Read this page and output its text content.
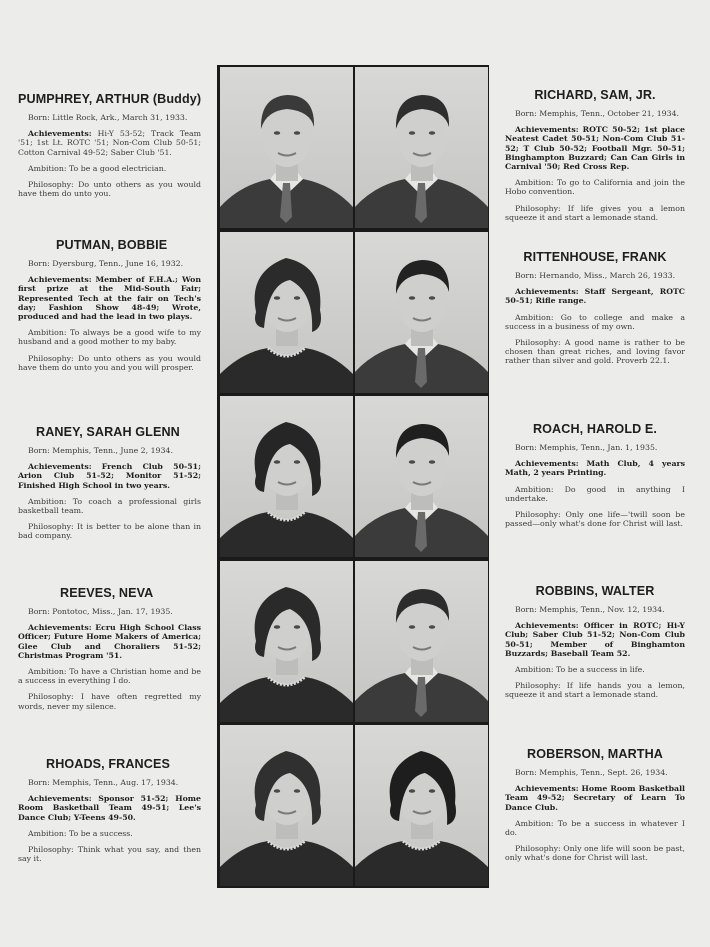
PUMPHREY, ARTHUR (Buddy)

Born: Little Rock, Ark., March 31, 1933.

Achievements: Hi-Y 53-52; Track Team '51; 1st Lt. ROTC '51; Non-Com Club 50-51; Cotton Carnival 49-52; Saber Club '51.

Ambition: To be a good electrician.

Philosophy: Do unto others as you would have them do unto you.

PUTMAN, BOBBIE

Born: Dyersburg, Tenn., June 16, 1932.

Achievements: Member of F.H.A.; Won first prize at the Mid-South Fair; Represented Tech at the fair on Tech's day; Fashion Show 48-49; Wrote, produced and had the lead in two plays.

Ambition: To always be a good wife to my husband and a good mother to my baby.

Philosophy: Do unto others as you would have them do unto you and you will prosper.

RANEY, SARAH GLENN

Born: Memphis, Tenn., June 2, 1934.

Achievements: French Club 50-51; Arion Club 51-52; Monitor 51-52; Finished High School in two years.

Ambition: To coach a professional girls basketball team.

Philosophy: It is better to be alone than in bad company.

REEVES, NEVA

Born: Pontotoc, Miss., Jan. 17, 1935.

Achievements: Ecru High School Class Officer; Future Home Makers of America; Glee Club and Choraliers 51-52; Christmas Program '51.

Ambition: To have a Christian home and be a success in everything I do.

Philosophy: I have often regretted my words, never my silence.

RHOADS, FRANCES

Born: Memphis, Tenn., Aug. 17, 1934.

Achievements: Sponsor 51-52; Home Room Basketball Team 49-51; Lee's Dance Club; Y-Teens 49-50.

Ambition: To be a success.

Philosophy: Think what you say, and then say it.

RICHARD, SAM, JR.

Born: Memphis, Tenn., October 21, 1934.

Achievements: ROTC 50-52; 1st place Neatest Cadet 50-51; Non-Com Club 51-52; T Club 50-52; Football Mgr. 50-51; Binghampton Buzzard; Can Can Girls in Carnival '50; Red Cross Rep.

Ambition: To go to California and join the Hobo convention.

Philosophy: If life gives you a lemon squeeze it and start a lemonade stand.

RITTENHOUSE, FRANK

Born: Hernando, Miss., March 26, 1933.

Achievements: Staff Sergeant, ROTC 50-51; Rifle range.

Ambition: Go to college and make a success in a business of my own.

Philosophy: A good name is rather to be chosen than great riches, and loving favor rather than silver and gold. Proverb 22.1.

ROACH, HAROLD E.

Born: Memphis, Tenn., Jan. 1, 1935.

Achievements: Math Club, 4 years Math, 2 years Printing.

Ambition: Do good in anything I undertake.

Philosophy: Only one life—'twill soon be passed—only what's done for Christ will last.

ROBBINS, WALTER

Born: Memphis, Tenn., Nov. 12, 1934.

Achievements: Officer in ROTC; Hi-Y Club; Saber Club 51-52; Non-Com Club 50-51; Member of Binghamton Buzzards; Baseball Team 52.

Ambition: To be a success in life.

Philosophy: If life hands you a lemon, squeeze it and start a lemonade stand.

ROBERSON, MARTHA

Born: Memphis, Tenn., Sept. 26, 1934.

Achievements: Home Room Basketball Team 49-52; Secretary of Learn To Dance Club.

Ambition: To be a success in whatever I do.

Philosophy: Only one life will soon be past, only what's done for Christ will last.
